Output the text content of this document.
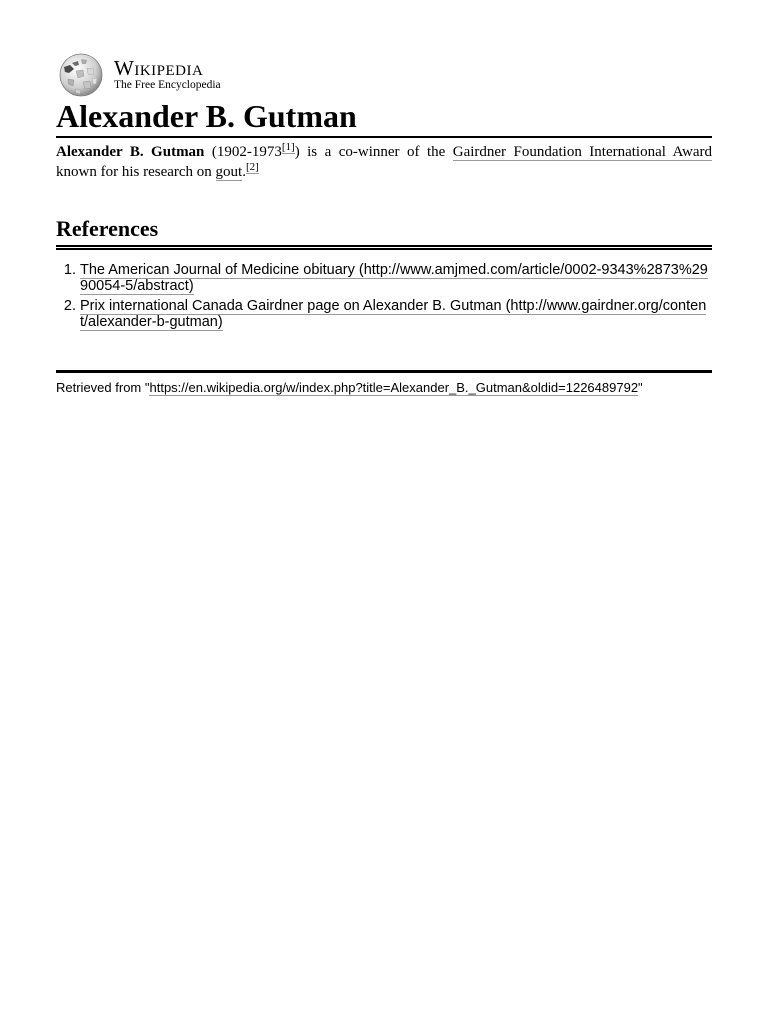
Wikipedia
The Free Encyclopedia
Alexander B. Gutman

Alexander B. Gutman (1902-1973[1]) is a co-winner of the Gairdner Foundation International Award known for his research on gout.[2]

References
1. The American Journal of Medicine obituary (http://www.amjmed.com/article/0002-9343%2873%2990054-5/abstract)
2. Prix international Canada Gairdner page on Alexander B. Gutman (http://www.gairdner.org/content/alexander-b-gutman)
Retrieved from "https://en.wikipedia.org/w/index.php?title=Alexander_B._Gutman&oldid=1226489792"
